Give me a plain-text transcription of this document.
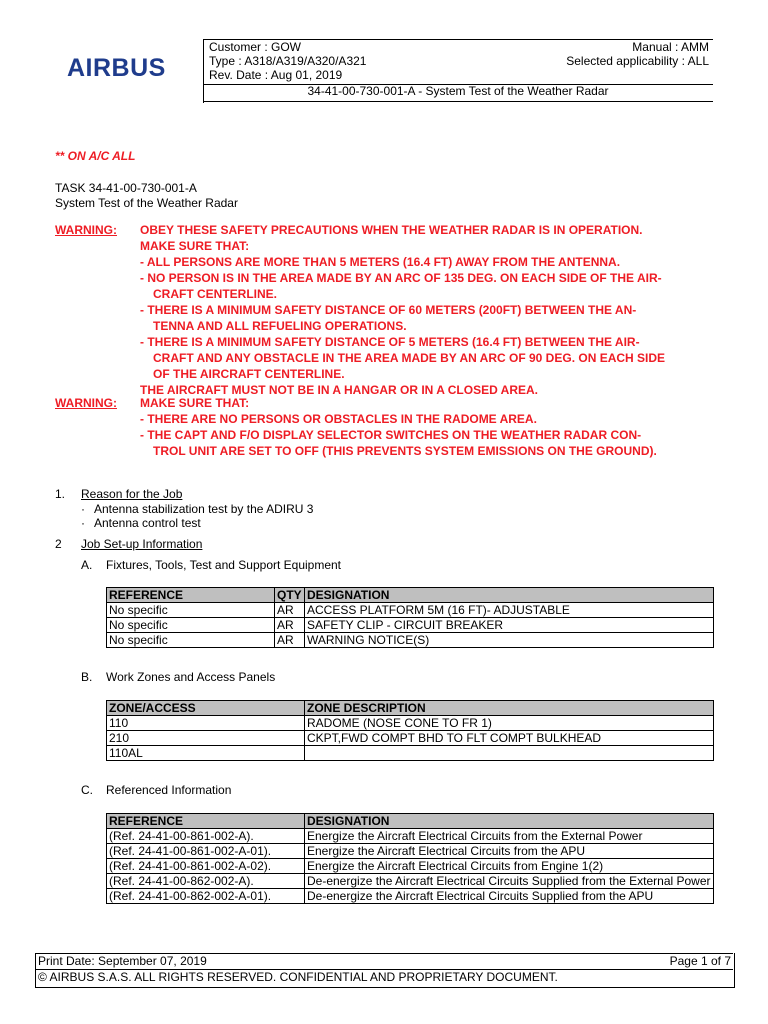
AIRBUS
Customer : GOW	Manual : AMM
Type : A318/A319/A320/A321	Selected applicability : ALL
Rev. Date : Aug 01, 2019
34-41-00-730-001-A - System Test of the Weather Radar
** ON A/C ALL
TASK 34-41-00-730-001-A
System Test of the Weather Radar
WARNING: OBEY THESE SAFETY PRECAUTIONS WHEN THE WEATHER RADAR IS IN OPERATION.
MAKE SURE THAT:
- ALL PERSONS ARE MORE THAN 5 METERS (16.4 FT) AWAY FROM THE ANTENNA.
- NO PERSON IS IN THE AREA MADE BY AN ARC OF 135 DEG. ON EACH SIDE OF THE AIR-
CRAFT CENTERLINE.
- THERE IS A MINIMUM SAFETY DISTANCE OF 60 METERS (200FT) BETWEEN THE AN-
TENNA AND ALL REFUELING OPERATIONS.
- THERE IS A MINIMUM SAFETY DISTANCE OF 5 METERS (16.4 FT) BETWEEN THE AIR-
CRAFT AND ANY OBSTACLE IN THE AREA MADE BY AN ARC OF 90 DEG. ON EACH SIDE
OF THE AIRCRAFT CENTERLINE.
THE AIRCRAFT MUST NOT BE IN A HANGAR OR IN A CLOSED AREA.
WARNING: MAKE SURE THAT:
- THERE ARE NO PERSONS OR OBSTACLES IN THE RADOME AREA.
- THE CAPT AND F/O DISPLAY SELECTOR SWITCHES ON THE WEATHER RADAR CON-
TROL UNIT ARE SET TO OFF (THIS PREVENTS SYSTEM EMISSIONS ON THE GROUND).
1. Reason for the Job
· Antenna stabilization test by the ADIRU 3
· Antenna control test
2 Job Set-up Information
A. Fixtures, Tools, Test and Support Equipment
REFERENCE	QTY	DESIGNATION
No specific	AR	ACCESS PLATFORM 5M (16 FT)- ADJUSTABLE
No specific	AR	SAFETY CLIP - CIRCUIT BREAKER
No specific	AR	WARNING NOTICE(S)
B. Work Zones and Access Panels
ZONE/ACCESS	ZONE DESCRIPTION
110	RADOME (NOSE CONE TO FR 1)
210	CKPT,FWD COMPT BHD TO FLT COMPT BULKHEAD
110AL	
C. Referenced Information
REFERENCE	DESIGNATION
(Ref. 24-41-00-861-002-A).	Energize the Aircraft Electrical Circuits from the External Power
(Ref. 24-41-00-861-002-A-01).	Energize the Aircraft Electrical Circuits from the APU
(Ref. 24-41-00-861-002-A-02).	Energize the Aircraft Electrical Circuits from Engine 1(2)
(Ref. 24-41-00-862-002-A).	De-energize the Aircraft Electrical Circuits Supplied from the External Power
(Ref. 24-41-00-862-002-A-01).	De-energize the Aircraft Electrical Circuits Supplied from the APU
Print Date: September 07, 2019	Page 1 of 7
© AIRBUS S.A.S. ALL RIGHTS RESERVED. CONFIDENTIAL AND PROPRIETARY DOCUMENT.
